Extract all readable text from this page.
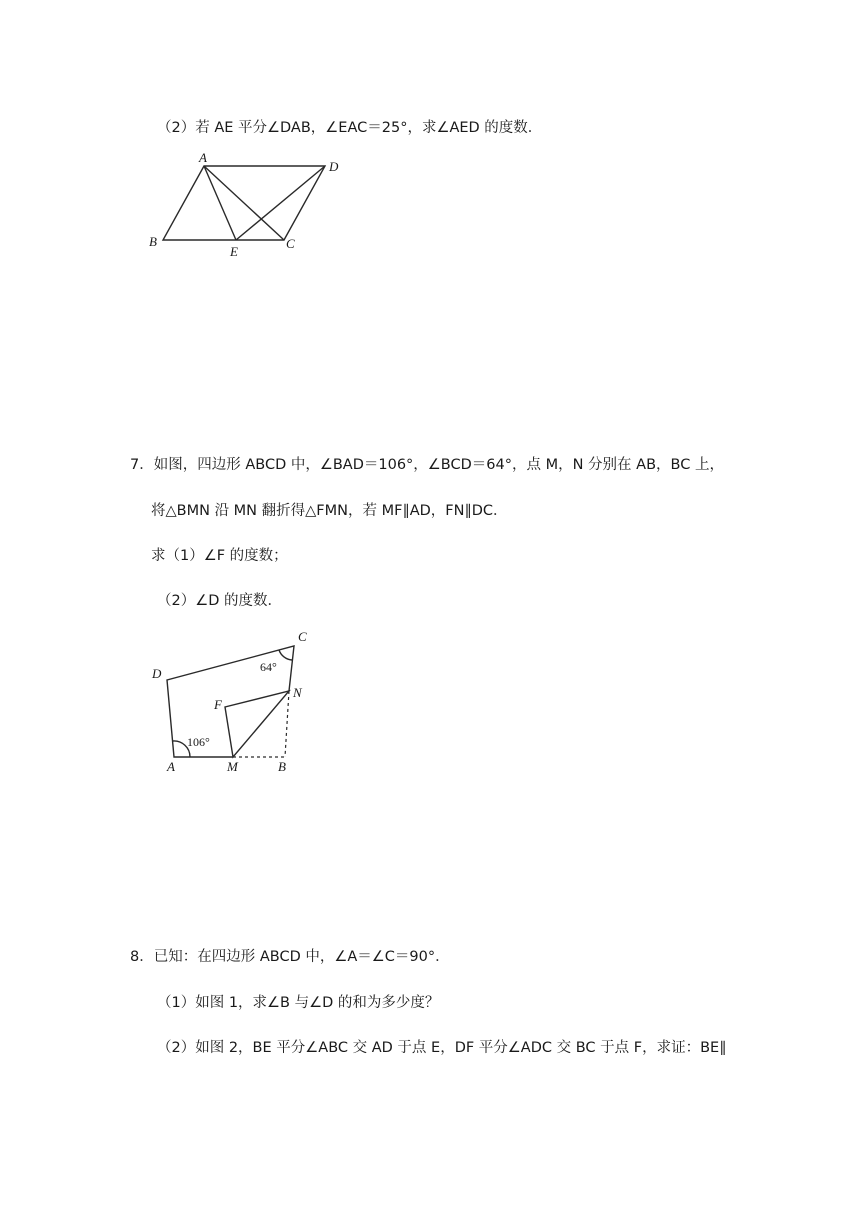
（2）若 AE 平分∠DAB，∠EAC＝25°，求∠AED 的度数．
A
D
B
E
C
7．如图，四边形 ABCD 中，∠BAD＝106°，∠BCD＝64°，点 M，N 分别在 AB，BC 上，
将△BMN 沿 MN 翻折得△FMN，若 MF∥AD，FN∥DC．
求（1）∠F 的度数；
（2）∠D 的度数．
D
C
N
F
A	M	B
106°
64°
8．已知：在四边形 ABCD 中，∠A＝∠C＝90°．
（1）如图 1，求∠B 与∠D 的和为多少度？
（2）如图 2，BE 平分∠ABC 交 AD 于点 E，DF 平分∠ADC 交 BC 于点 F，求证：BE∥
